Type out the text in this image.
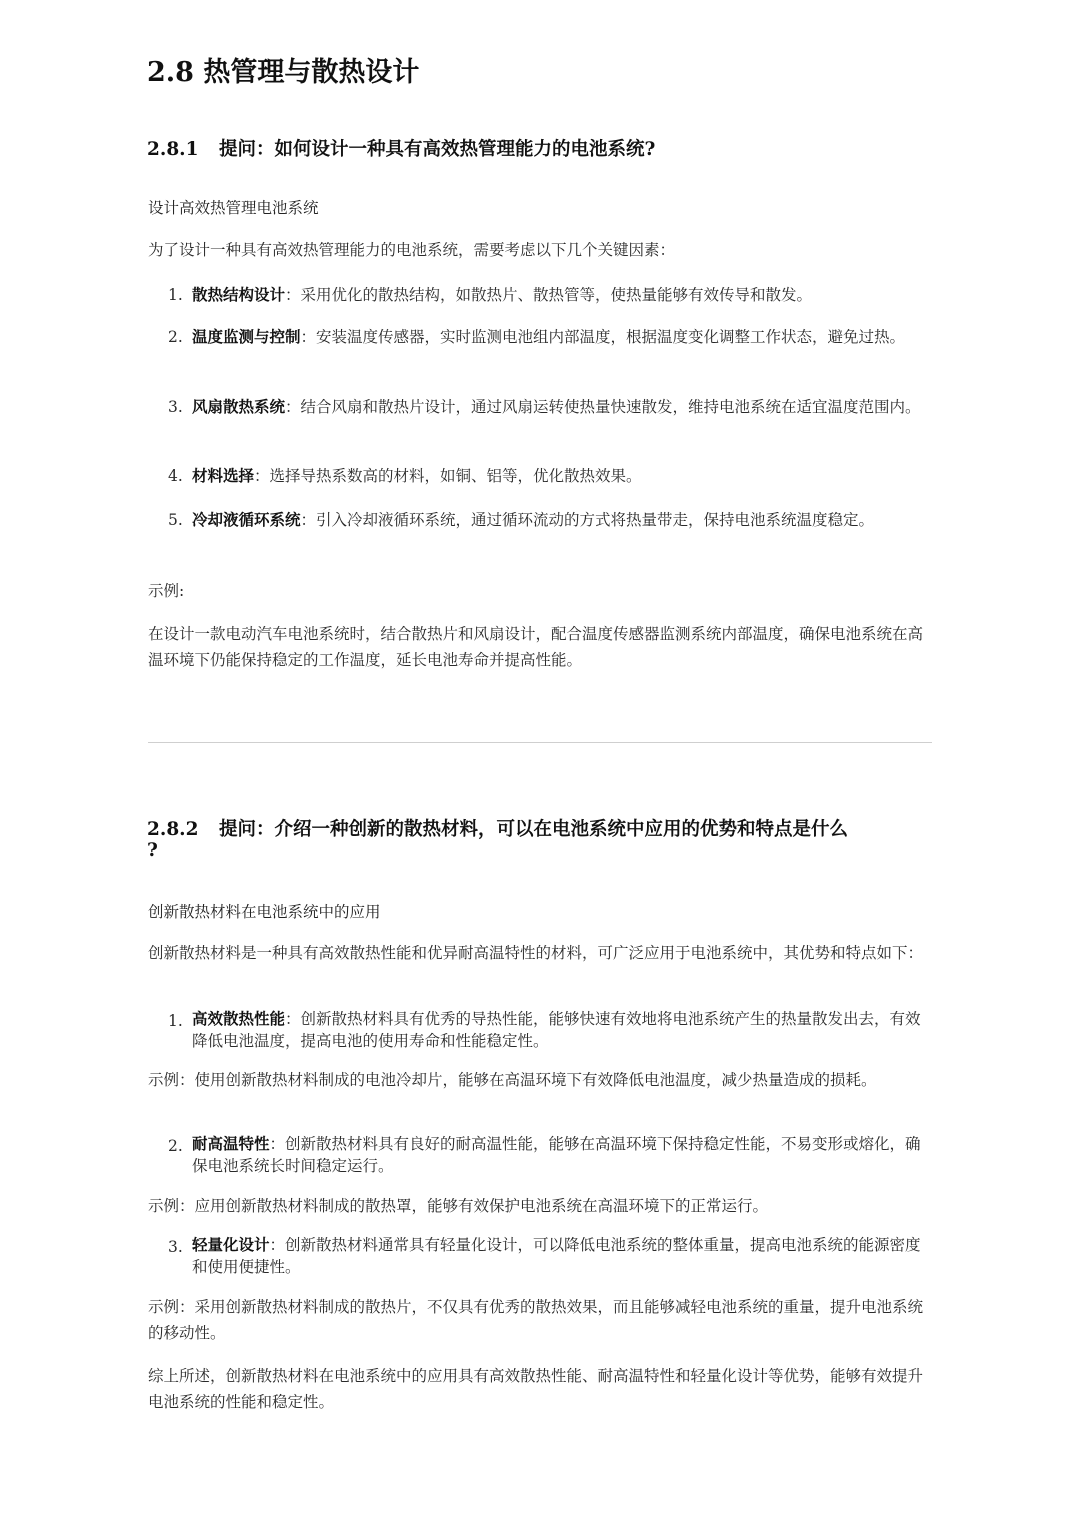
2.8 热管理与散热设计
2.8.1 提问：如何设计一种具有高效热管理能力的电池系统?
设计高效热管理电池系统
为了设计一种具有高效热管理能力的电池系统，需要考虑以下几个关键因素：
1. 散热结构设计：采用优化的散热结构，如散热片、散热管等，使热量能够有效传导和散发。
2. 温度监测与控制：安装温度传感器，实时监测电池组内部温度，根据温度变化调整工作状态，避免过热。
3. 风扇散热系统：结合风扇和散热片设计，通过风扇运转使热量快速散发，维持电池系统在适宜温度范围内。
4. 材料选择：选择导热系数高的材料，如铜、铝等，优化散热效果。
5. 冷却液循环系统：引入冷却液循环系统，通过循环流动的方式将热量带走，保持电池系统温度稳定。
示例:
在设计一款电动汽车电池系统时，结合散热片和风扇设计，配合温度传感器监测系统内部温度，确保电池系统在高温环境下仍能保持稳定的工作温度，延长电池寿命并提高性能。
2.8.2 提问：介绍一种创新的散热材料，可以在电池系统中应用的优势和特点是什么
?
创新散热材料在电池系统中的应用
创新散热材料是一种具有高效散热性能和优异耐高温特性的材料，可广泛应用于电池系统中，其优势和特点如下：
1. 高效散热性能：创新散热材料具有优秀的导热性能，能够快速有效地将电池系统产生的热量散发出去，有效降低电池温度，提高电池的使用寿命和性能稳定性。
示例：使用创新散热材料制成的电池冷却片，能够在高温环境下有效降低电池温度，减少热量造成的损耗。
2. 耐高温特性：创新散热材料具有良好的耐高温性能，能够在高温环境下保持稳定性能，不易变形或熔化，确保电池系统长时间稳定运行。
示例：应用创新散热材料制成的散热罩，能够有效保护电池系统在高温环境下的正常运行。
3. 轻量化设计：创新散热材料通常具有轻量化设计，可以降低电池系统的整体重量，提高电池系统的能源密度和使用便捷性。
示例：采用创新散热材料制成的散热片，不仅具有优秀的散热效果，而且能够减轻电池系统的重量，提升电池系统的移动性。
综上所述，创新散热材料在电池系统中的应用具有高效散热性能、耐高温特性和轻量化设计等优势，能够有效提升电池系统的性能和稳定性。
